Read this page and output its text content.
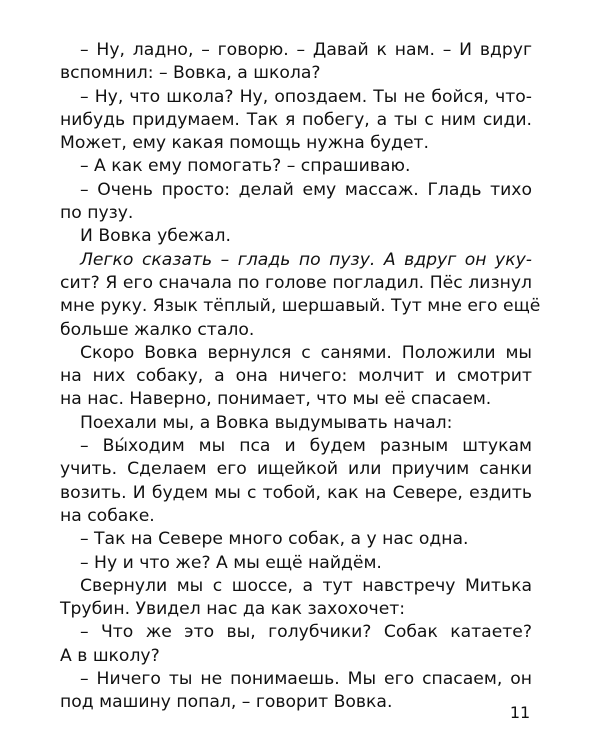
– Ну, ладно, – говорю. – Давай к нам. – И вдруг
вспомнил: – Вовка, а школа?
– Ну, что школа? Ну, опоздаем. Ты не бойся, что-
нибудь придумаем. Так я побегу, а ты с ним сиди.
Может, ему какая помощь нужна будет.
– А как ему помогать? – спрашиваю.
– Очень просто: делай ему массаж. Гладь тихо
по пузу.
И Вовка убежал.
Легко сказать – гладь по пузу. А вдруг он уку-
сит? Я его сначала по голове погладил. Пёс лизнул
мне руку. Язык тёплый, шершавый. Тут мне его ещё
больше жалко стало.
Скоро Вовка вернулся с санями. Положили мы
на них собаку, а она ничего: молчит и смотрит
на нас. Наверно, понимает, что мы её спасаем.
Поехали мы, а Вовка выдумывать начал:
– Вы́ходим мы пса и будем разным штукам
учить. Сделаем его ищейкой или приучим санки
возить. И будем мы с тобой, как на Севере, ездить
на собаке.
– Так на Севере много собак, а у нас одна.
– Ну и что же? А мы ещё найдём.
Свернули мы с шоссе, а тут навстречу Митька
Трубин. Увидел нас да как захохочет:
– Что же это вы, голубчики? Собак катаете?
А в школу?
– Ничего ты не понимаешь. Мы его спасаем, он
под машину попал, – говорит Вовка.
11
